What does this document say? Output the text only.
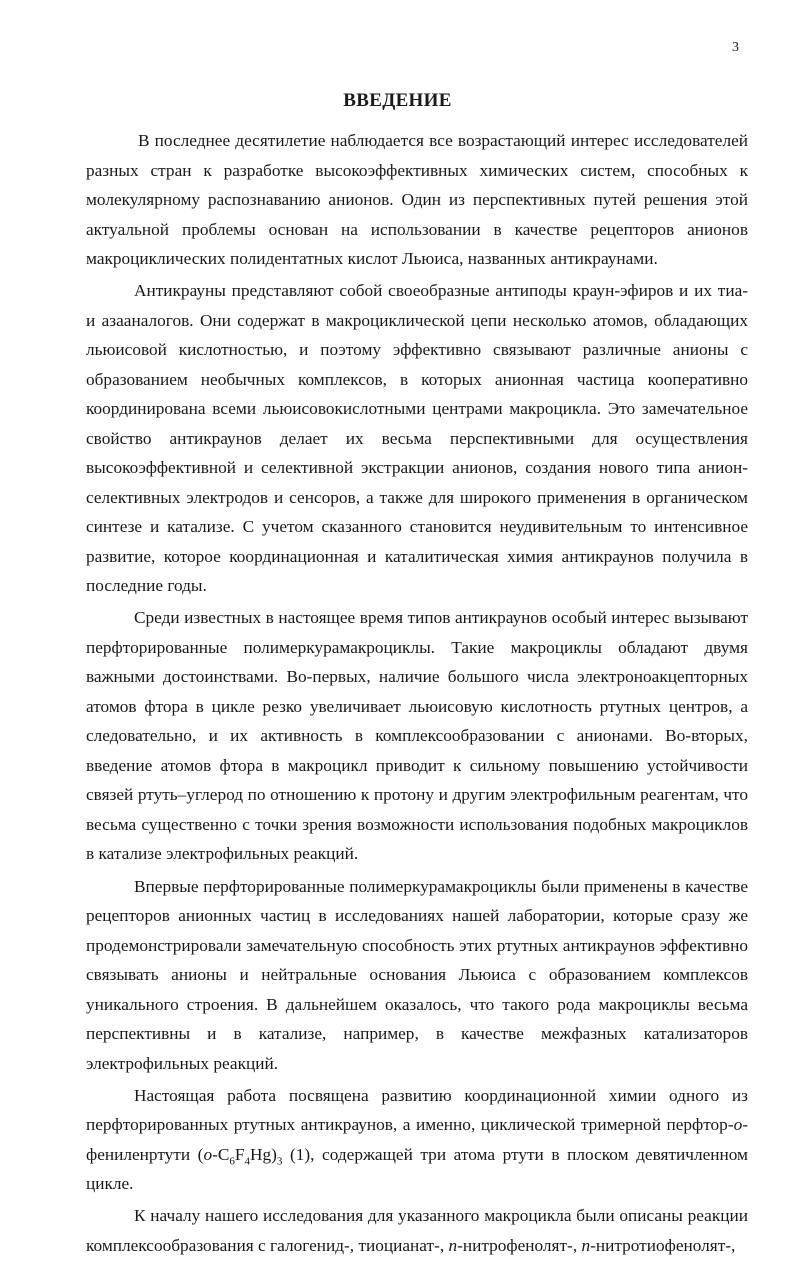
3
ВВЕДЕНИЕ

В последнее десятилетие наблюдается все возрастающий интерес исследователей разных стран к разработке высокоэффективных химических систем, способных к молекулярному распознаванию анионов. Один из перспективных путей решения этой актуальной проблемы основан на использовании в качестве рецепторов анионов макроциклических полидентатных кислот Льюиса, названных антикраунами.

Антикрауны представляют собой своеобразные антиподы краун-эфиров и их тиа- и азааналогов. Они содержат в макроциклической цепи несколько атомов, обладающих льюисовой кислотностью, и поэтому эффективно связывают различные анионы с образованием необычных комплексов, в которых анионная частица кооперативно координирована всеми льюисовокислотными центрами макроцикла. Это замечательное свойство антикраунов делает их весьма перспективными для осуществления высокоэффективной и селективной экстракции анионов, создания нового типа анион-селективных электродов и сенсоров, а также для широкого применения в органическом синтезе и катализе. С учетом сказанного становится неудивительным то интенсивное развитие, которое координационная и каталитическая химия антикраунов получила в последние годы.

Среди известных в настоящее время типов антикраунов особый интерес вызывают перфторированные полимеркурамакроциклы. Такие макроциклы обладают двумя важными достоинствами. Во-первых, наличие большого числа электроноакцепторных атомов фтора в цикле резко увеличивает льюисовую кислотность ртутных центров, а следовательно, и их активность в комплексообразовании с анионами. Во-вторых, введение атомов фтора в макроцикл приводит к сильному повышению устойчивости связей ртуть–углерод по отношению к протону и другим электрофильным реагентам, что весьма существенно с точки зрения возможности использования подобных макроциклов в катализе электрофильных реакций.

Впервые перфторированные полимеркурамакроциклы были применены в качестве рецепторов анионных частиц в исследованиях нашей лаборатории, которые сразу же продемонстрировали замечательную способность этих ртутных антикраунов эффективно связывать анионы и нейтральные основания Льюиса с образованием комплексов уникального строения. В дальнейшем оказалось, что такого рода макроциклы весьма перспективны и в катализе, например, в качестве межфазных катализаторов электрофильных реакций.

Настоящая работа посвящена развитию координационной химии одного из перфторированных ртутных антикраунов, а именно, циклической тримерной перфтор-о-фениленртути $(о-C_6F_4Hg)_3$ (1), содержащей три атома ртути в плоском девятичленном цикле.

К началу нашего исследования для указанного макроцикла были описаны реакции комплексообразования с галогенид-, тиоцианат-, п-нитрофенолят-, п-нитротиофенолят-,
